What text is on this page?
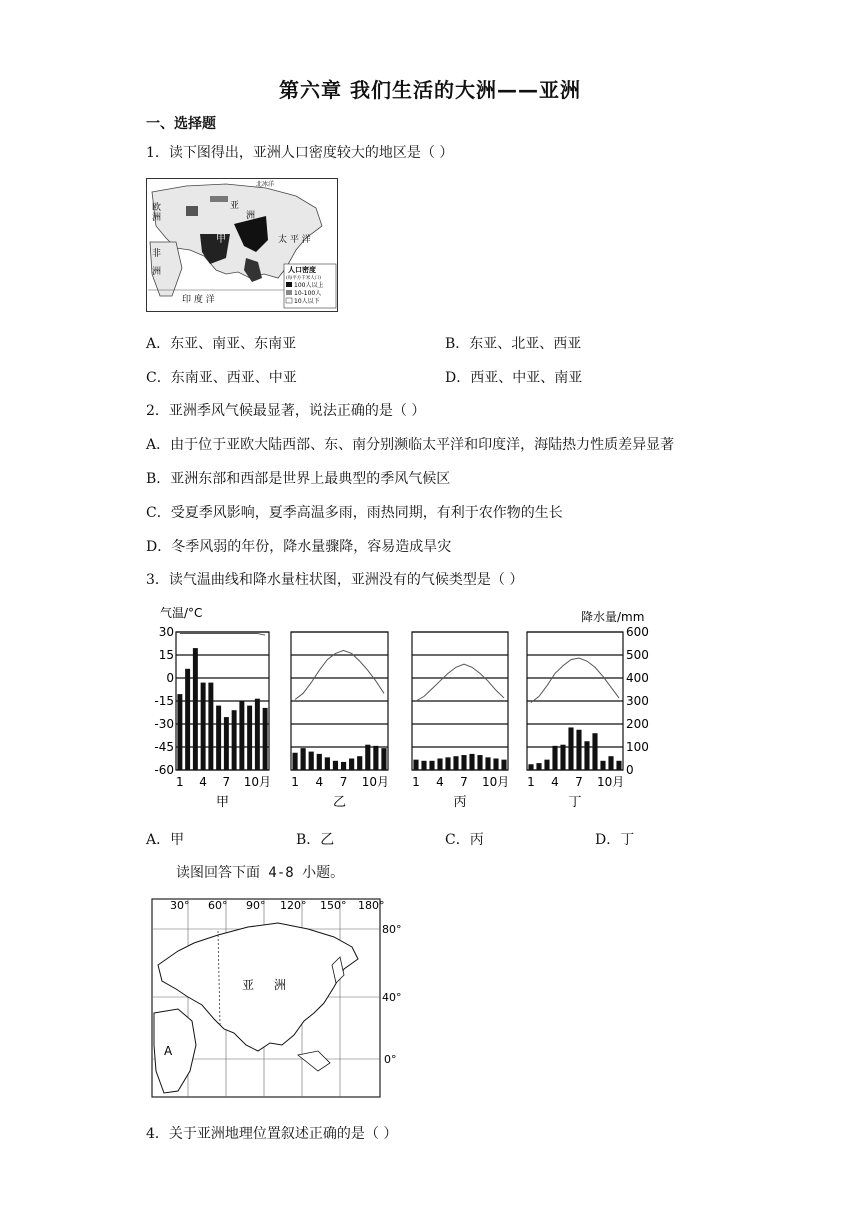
第六章 我们生活的大洲——亚洲
一、选择题
1．读下图得出，亚洲人口密度较大的地区是（ ）
欧
洲
亚
洲
甲
非
洲
太 平 洋
印 度 洋
北冰洋
人口密度
(每平方千米人口)
100人以上
10-100人
10人以下
A．东亚、南亚、东南亚	B．东亚、北亚、西亚
C．东南亚、西亚、中亚	D．西亚、中亚、南亚
2．亚洲季风气候最显著，说法正确的是（ ）
A．由于位于亚欧大陆西部、东、南分别濒临太平洋和印度洋，海陆热力性质差异显著
B．亚洲东部和西部是世界上最典型的季风气候区
C．受夏季风影响，夏季高温多雨，雨热同期，有利于农作物的生长
D．冬季风弱的年份，降水量骤降，容易造成旱灾
3．读气温曲线和降水量柱状图，亚洲没有的气候类型是（ ）
气温/°C	降水量/mm
30
15
0
-15
-30
-45
-60
600
500
400
300
200
100
0
1 4 7 10月
甲
1 4 7 10月
乙
1 4 7 10月
丙
1 4 7 10月
丁
A．甲	B．乙	C．丙	D．丁
读图回答下面 4-8 小题。
30° 60° 90° 120° 150° 180°
80°
40°
0°
亚 洲
A
4．关于亚洲地理位置叙述正确的是（ ）
